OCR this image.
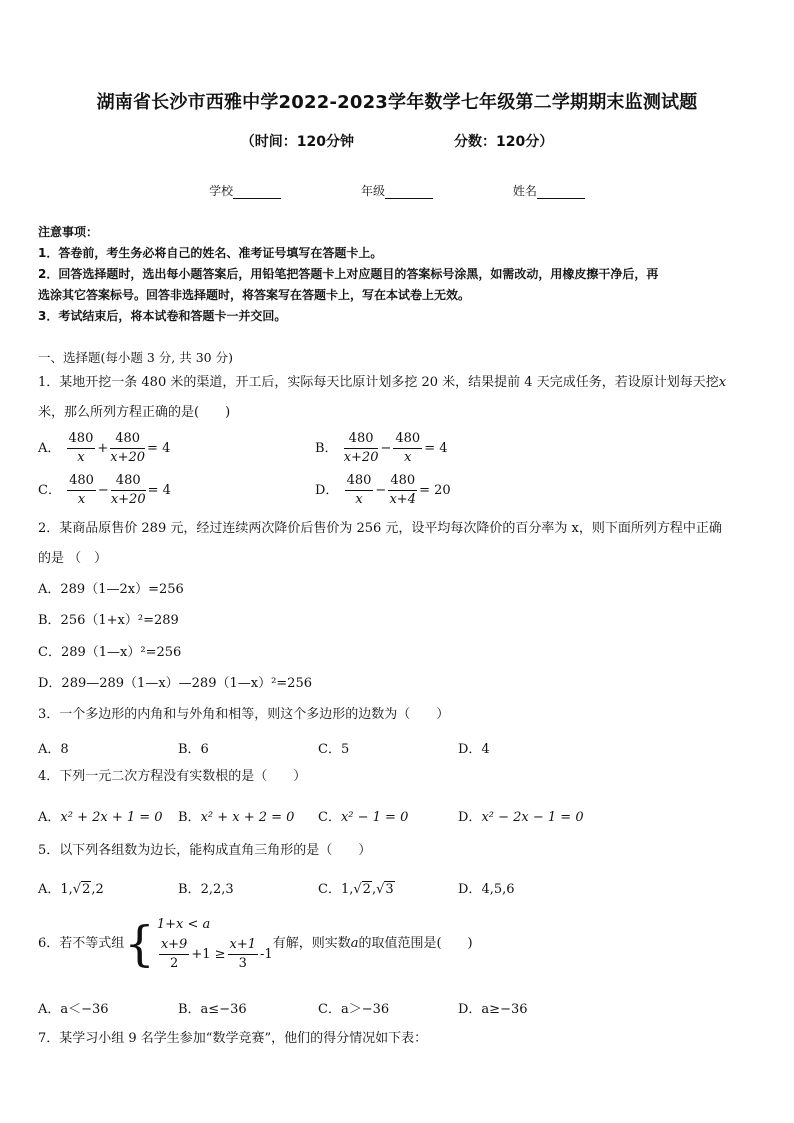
湖南省长沙市西雅中学2022-2023学年数学七年级第二学期期末监测试题
（时间：120分钟	分数：120分）
学校	年级	姓名

注意事项：

1．答卷前，考生务必将自己的姓名、准考证号填写在答题卡上。

2．回答选择题时，选出每小题答案后，用铅笔把答题卡上对应题目的答案标号涂黑，如需改动，用橡皮擦干净后，再

选涂其它答案标号。回答非选择题时，将答案写在答题卡上，写在本试卷上无效。

3．考试结束后，将本试卷和答题卡一并交回。

一、选择题(每小题 3 分, 共 30 分)
1．某地开挖一条 480 米的渠道，开工后，实际每天比原计划多挖 20 米，结果提前 4 天完成任务，若设原计划每天挖x
米，那么所列方程正确的是(　　)
A． $\frac{480}{x} + \frac{480}{x+20} = 4$	B． $\frac{480}{x+20} - \frac{480}{x} = 4$
C． $\frac{480}{x} - \frac{480}{x+20} = 4$	D． $\frac{480}{x} - \frac{480}{x+4} = 20$
2．某商品原售价 289 元，经过连续两次降价后售价为 256 元，设平均每次降价的百分率为 x，则下面所列方程中正确
的是 （　）
A．289（1—2x）=256
B．256（1+x）²=289
C．289（1—x）²=256
D．289—289（1—x）—289（1—x）²=256
3．一个多边形的内角和与外角和相等，则这个多边形的边数为（　　）
A．8	B．6	C．5	D．4
4．下列一元二次方程没有实数根的是（　　）
A．x² + 2x + 1 = 0 B．x² + x + 2 = 0 C．x² − 1 = 0	D．x² − 2x − 1 = 0
5．以下列各组数为边长，能构成直角三角形的是（　　）
A．1,√2,2	B．2,2,3	C．1,√2,√3	D．4,5,6
6．若不等式组{ 1+x < a
$\frac{x+9}{2} +1 \ge \frac{x+1}{3} -1$
有解，则实数a的取值范围是(　　)
A．a＜−36	B．a≤−36	C．a＞−36	D．a≥−36
7．某学习小组 9 名学生参加“数学竞赛”，他们的得分情况如下表：
